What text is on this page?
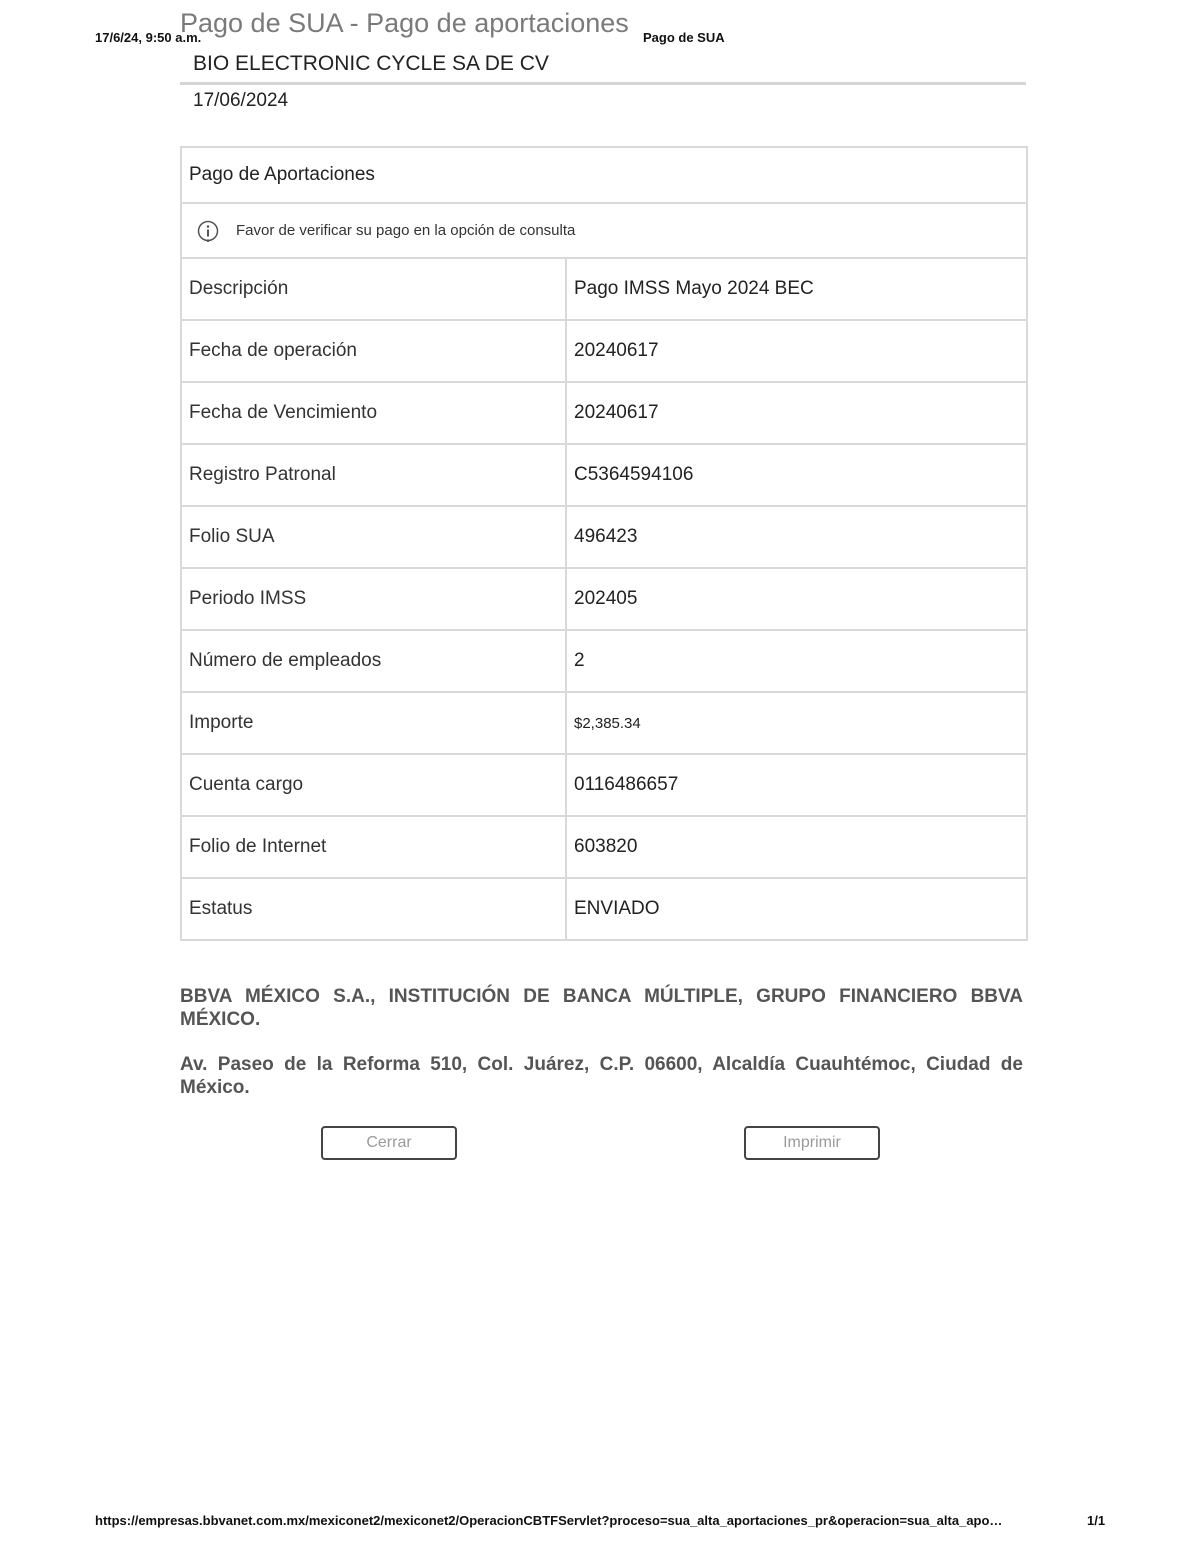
17/6/24, 9:50 a.m.
Pago de SUA - Pago de aportaciones Pago de SUA
BIO ELECTRONIC CYCLE SA DE CV
17/06/2024
Pago de Aportaciones
Favor de verificar su pago en la opción de consulta
Descripción	Pago IMSS Mayo 2024 BEC
Fecha de operación	20240617
Fecha de Vencimiento	20240617
Registro Patronal	C5364594106
Folio SUA	496423
Periodo IMSS	202405
Número de empleados	2
Importe	$2,385.34
Cuenta cargo	0116486657
Folio de Internet	603820
Estatus	ENVIADO
BBVA MÉXICO S.A., INSTITUCIÓN DE BANCA MÚLTIPLE, GRUPO FINANCIERO BBVA MÉXICO.
Av. Paseo de la Reforma 510, Col. Juárez, C.P. 06600, Alcaldía Cuauhtémoc, Ciudad de México.
Cerrar	Imprimir
https://empresas.bbvanet.com.mx/mexiconet2/mexiconet2/OperacionCBTFServlet?proceso=sua_alta_aportaciones_pr&operacion=sua_alta_apo…	1/1
